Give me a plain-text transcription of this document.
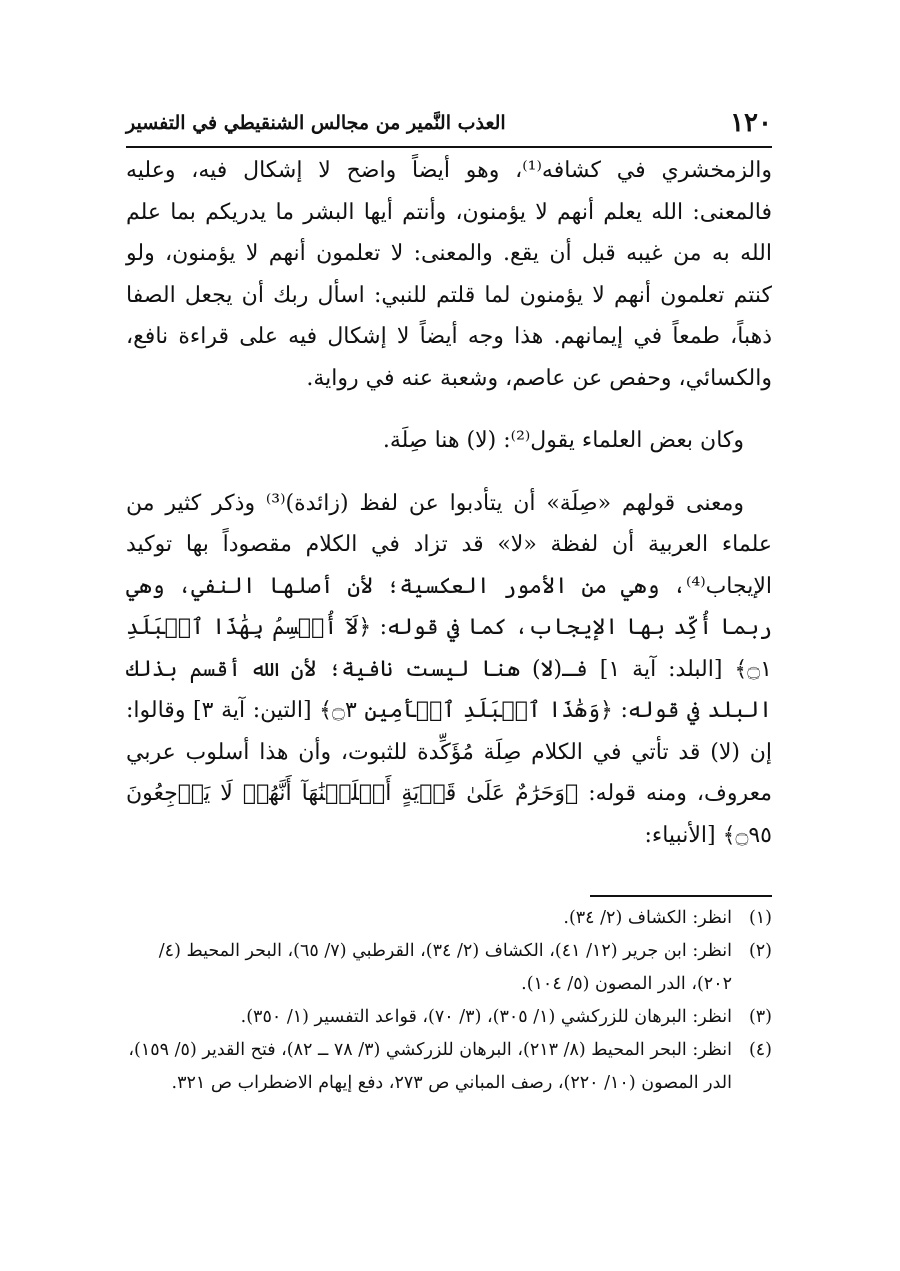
١٢٠
العذب النَّمير من مجالس الشنقيطي في التفسير

والزمخشري في كشافه⁽¹⁾، وهو أيضاً واضح لا إشكال فيه، وعليه فالمعنى: الله يعلم أنهم لا يؤمنون، وأنتم أيها البشر ما يدريكم بما علم الله به من غيبه قبل أن يقع. والمعنى: لا تعلمون أنهم لا يؤمنون، ولو كنتم تعلمون أنهم لا يؤمنون لما قلتم للنبي: اسأل ربك أن يجعل الصفا ذهباً، طمعاً في إيمانهم. هذا وجه أيضاً لا إشكال فيه على قراءة نافع، والكسائي، وحفص عن عاصم، وشعبة عنه في رواية.

وكان بعض العلماء يقول⁽²⁾: (لا) هنا صِلَة.

ومعنى قولهم «صِلَة» أن يتأدبوا عن لفظ (زائدة)⁽³⁾ وذكر كثير من علماء العربية أن لفظة «لا» قد تزاد في الكلام مقصوداً بها توكيد الإيجاب⁽⁴⁾، وهي من الأمور العكسية؛ لأن أصلها النفي، وهي ربما أُكِّد بها الإيجاب، كما في قوله: ﴿لَآ أُقۡسِمُ بِهَٰذَا ٱلۡبَلَدِ ۝١﴾ [البلد: آية ١] فـ(لا) هنا ليست نافية؛ لأن الله أقسم بذلك البلد في قوله: ﴿وَهَٰذَا ٱلۡبَلَدِ ٱلۡأَمِينِ ۝٣﴾ [التين: آية ٣] وقالوا: إن (لا) قد تأتي في الكلام صِلَة مُؤَكِّدة للثبوت، وأن هذا أسلوب عربي معروف، ومنه قوله: ﴿وَحَرَٰمٌ عَلَىٰ قَرۡيَةٍ أَهۡلَكۡنَٰهَآ أَنَّهُمۡ لَا يَرۡجِعُونَ ۝٩٥﴾ [الأنبياء:

(١)
انظر: الكشاف (٢/ ٣٤).
(٢)
انظر: ابن جرير (١٢/ ٤١)، الكشاف (٢/ ٣٤)، القرطبي (٧/ ٦٥)، البحر المحيط (٤/ ٢٠٢)، الدر المصون (٥/ ١٠٤).
(٣)
انظر: البرهان للزركشي (١/ ٣٠٥)، (٣/ ٧٠)، قواعد التفسير (١/ ٣٥٠).
(٤)
انظر: البحر المحيط (٨/ ٢١٣)، البرهان للزركشي (٣/ ٧٨ ــ ٨٢)، فتح القدير (٥/ ١٥٩)، الدر المصون (١٠/ ٢٢٠)، رصف المباني ص ٢٧٣، دفع إيهام الاضطراب ص ٣٢١.
